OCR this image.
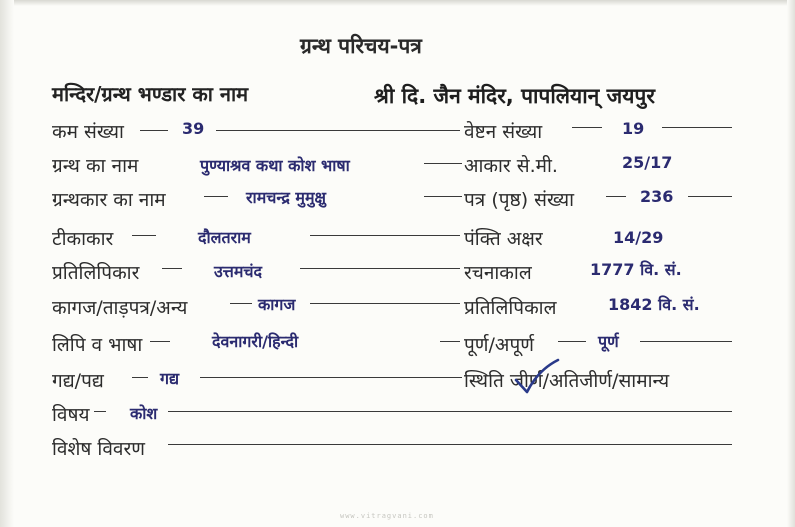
ग्रन्थ परिचय-पत्र
मन्दिर/ग्रन्थ भण्डार का नाम	श्री दि. जैन मंदिर, पापलियान् जयपुर
कम संख्या	39	वेष्टन संख्या	19
ग्रन्थ का नाम	पुण्याश्रव कथा कोश भाषा	आकार से.मी.	25/17
ग्रन्थकार का नाम	रामचन्द्र मुमुक्षु	पत्र (पृष्ठ) संख्या	236
टीकाकार	दौलतराम	पंक्ति अक्षर	14/29
प्रतिलिपिकार	उत्तमचंद	रचनाकाल	1777 वि. सं.
कागज/ताड़पत्र/अन्य	कागज	प्रतिलिपिकाल	1842 वि. सं.
लिपि व भाषा	देवनागरी/हिन्दी	पूर्ण/अपूर्ण	पूर्ण
गद्य/पद्य	गद्य	स्थिति जीर्ण/अतिजीर्ण/सामान्य
विषय	कोश
विशेष विवरण
www.vitragvani.com
